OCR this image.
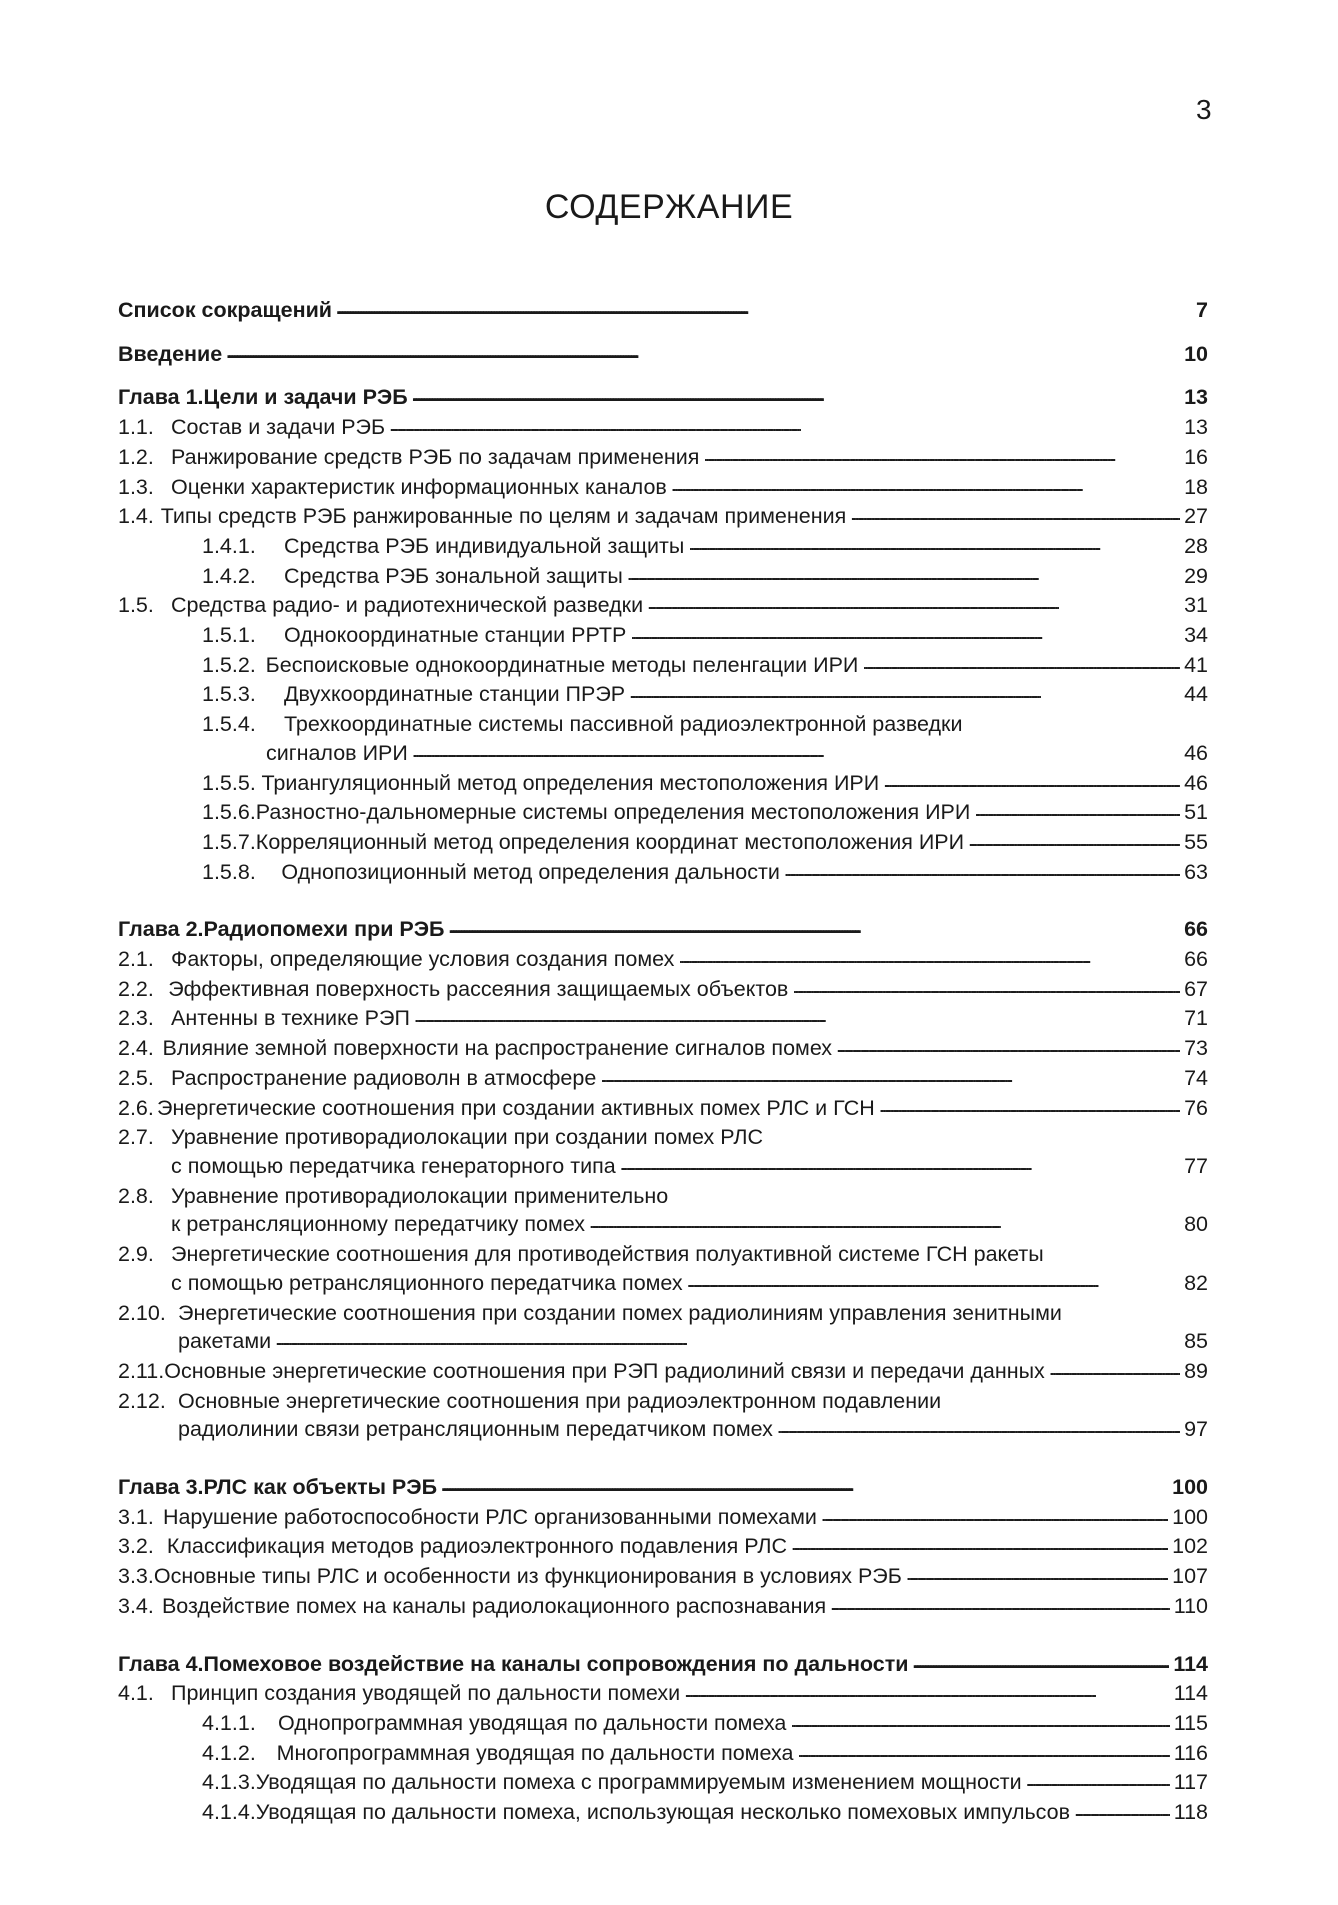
3
СОДЕРЖАНИЕ
Список сокращений . . .	7
Введение . . .	10
Глава 1.Цели и задачи РЭБ . . .	13
1.1. Состав и задачи РЭБ . . .	13
1.2. Ранжирование средств РЭБ по задачам применения . . .	16
1.3. Оценки характеристик информационных каналов . . .	18
1.4. Типы средств РЭБ ранжированные по целям и задачам применения . . .	27
1.4.1.	Средства РЭБ индивидуальной защиты . . .	28
1.4.2.	Средства РЭБ зональной защиты . . .	29
1.5. Средства радио- и радиотехнической разведки . . .	31
1.5.1.	Однокоординатные станции РРТР . . .	34
1.5.2. Беспоисковые однокоординатные методы пеленгации ИРИ . . .	41
1.5.3.	Двухкоординатные станции ПРЭР . . .	44
1.5.4. Трехкоординатные системы пассивной радиоэлектронной разведки
сигналов ИРИ . . .	46
1.5.5. Триангуляционный метод определения местоположения ИРИ . . .	46
1.5.6. Разностно-дальномерные системы определения местоположения ИРИ . . .	51
1.5.7. Корреляционный метод определения координат местоположения ИРИ . . .	55
1.5.8.	Однопозиционный метод определения дальности . . .	63
Глава 2.Радиопомехи при РЭБ . . .	66
2.1. Факторы, определяющие условия создания помех . . .	66
2.2. Эффективная поверхность рассеяния защищаемых объектов . . .	67
2.3. Антенны в технике РЭП . . .	71
2.4. Влияние земной поверхности на распространение сигналов помех . . .	73
2.5. Распространение радиоволн в атмосфере . . .	74
2.6. Энергетические соотношения при создании активных помех РЛС и ГСН . . .	76
2.7. Уравнение противорадиолокации при создании помех РЛС
с помощью передатчика генераторного типа . . .	77
2.8. Уравнение противорадиолокации применительно
к ретрансляционному передатчику помех . . .	80
2.9. Энергетические соотношения для противодействия полуактивной системе ГСН ракеты
с помощью ретрансляционного передатчика помех . . .	82
2.10. Энергетические соотношения при создании помех радиолиниям управления зенитными
ракетами . . .	85
2.11. Основные энергетические соотношения при РЭП радиолиний связи и передачи данных . . .	89
2.12. Основные энергетические соотношения при радиоэлектронном подавлении
радиолинии связи ретрансляционным передатчиком помех . . .	97
Глава 3.РЛС как объекты РЭБ . . .	100
3.1. Нарушение работоспособности РЛС организованными помехами . . .	100
3.2. Классификация методов радиоэлектронного подавления РЛС . . .	102
3.3. Основные типы РЛС и особенности из функционирования в условиях РЭБ . . .	107
3.4. Воздействие помех на каналы радиолокационного распознавания . . .	110
Глава 4.Помеховое воздействие на каналы сопровождения по дальности . . .	114
4.1. Принцип создания уводящей по дальности помехи . . .	114
4.1.1.	Однопрограммная уводящая по дальности помеха . . .	115
4.1.2. Многопрограммная уводящая по дальности помеха . . .	116
4.1.3. Уводящая по дальности помеха с программируемым изменением мощности . . .	117
4.1.4. Уводящая по дальности помеха, использующая несколько помеховых импульсов . . .	118
